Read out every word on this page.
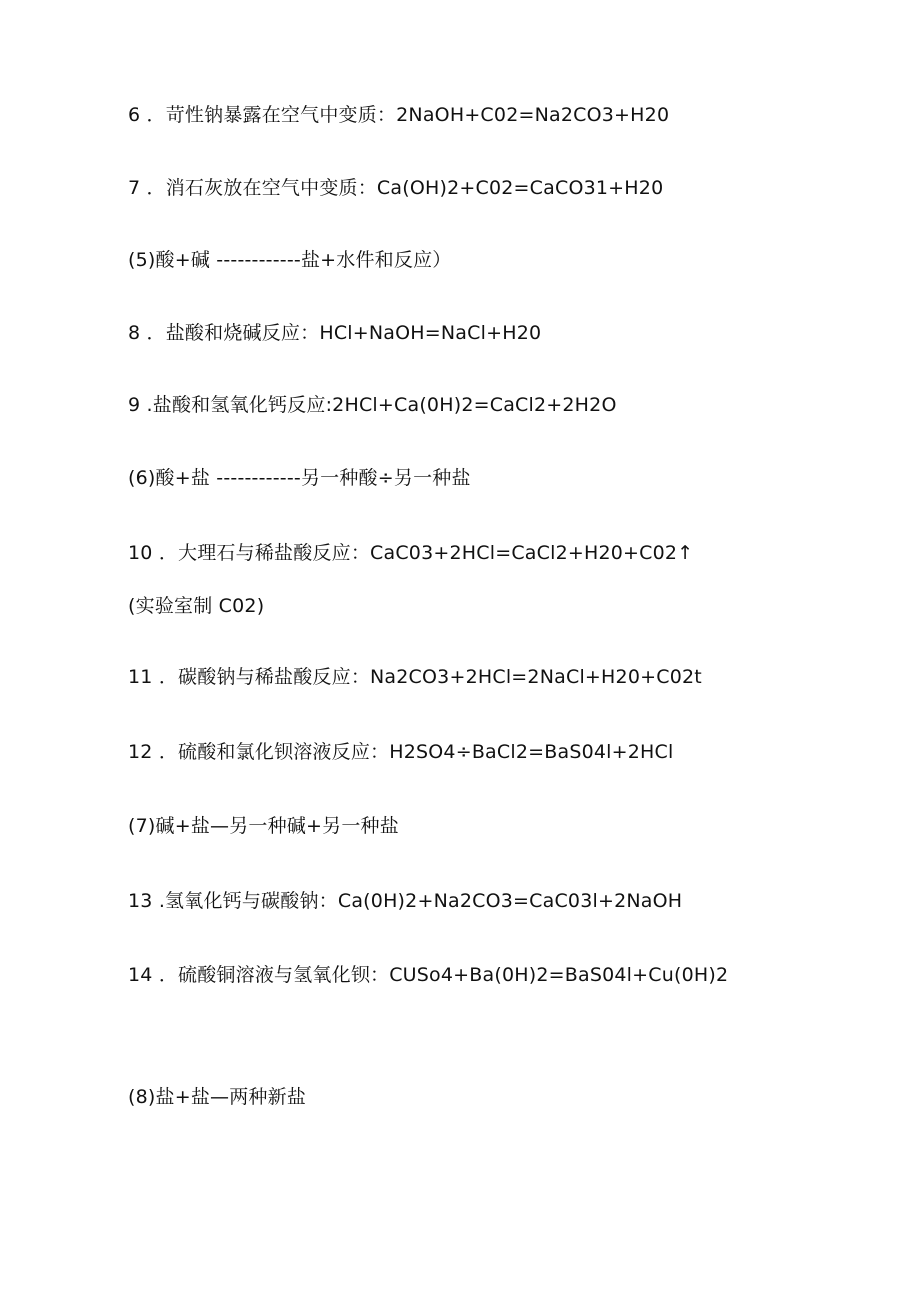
6 ．苛性钠暴露在空气中变质：2NaOH+C02=Na2CO3+H20
7 ．消石灰放在空气中变质：Ca(OH)2+C02=CaCO31+H20
(5)酸+碱 ------------盐+水件和反应）
8 ．盐酸和烧碱反应：HCl+NaOH=NaCl+H20
9 .盐酸和氢氧化钙反应:2HCl+Ca(0H)2=CaCl2+2H2O
(6)酸+盐 ------------另一种酸÷另一种盐
10 ．大理石与稀盐酸反应：CaC03+2HCl=CaCl2+H20+C02↑
(实验室制 C02)
11 ．碳酸钠与稀盐酸反应：Na2CO3+2HCl=2NaCl+H20+C02t
12 ．硫酸和氯化钡溶液反应：H2SO4÷BaCl2=BaS04l+2HCl
(7)碱+盐—另一种碱+另一种盐
13 .氢氧化钙与碳酸钠：Ca(0H)2+Na2CO3=CaC03l+2NaOH
14 ．硫酸铜溶液与氢氧化钡：CUSo4+Ba(0H)2=BaS04l+Cu(0H)2
(8)盐+盐—两种新盐
